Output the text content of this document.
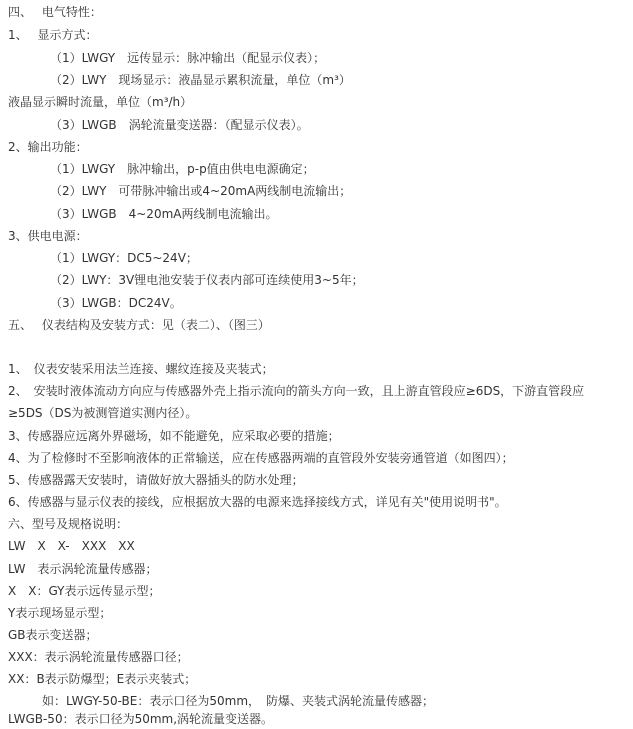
四、　 电气特性：
1、　 显示方式：
（1）LWGY　远传显示：脉冲输出（配显示仪表）；
（2）LWY　现场显示：液晶显示累积流量，单位（m³）
液晶显示瞬时流量，单位（m³/h）
（3）LWGB　涡轮流量变送器：（配显示仪表）。
2、输出功能：
（1）LWGY　脉冲输出，p-p值由供电电源确定；
（2）LWY　可带脉冲输出或4~20mA两线制电流输出；
（3）LWGB　4~20mA两线制电流输出。
3、供电电源：
（1）LWGY：DC5~24V；
（2）LWY：3V锂电池安装于仪表内部可连续使用3~5年；
（3）LWGB：DC24V。
五、　 仪表结构及安装方式：见（表二）、（图三）
1、　仪表安装采用法兰连接、螺纹连接及夹装式；
2、　安装时液体流动方向应与传感器外壳上指示流向的箭头方向一致，且上游直管段应≥6DS，下游直管段应
≥5DS（DS为被测管道实测内径）。
3、传感器应远离外界磁场，如不能避免，应采取必要的措施；
4、为了检修时不至影响液体的正常输送，应在传感器两端的直管段外安装旁通管道（如图四）；
5、传感器露天安装时，请做好放大器插头的防水处理；
6、传感器与显示仪表的接线，应根据放大器的电源来选择接线方式，详见有关"使用说明书"。
六、型号及规格说明：
LW　X　X-　XXX　XX
LW　表示涡轮流量传感器；
X　X：GY表示远传显示型；
Y表示现场显示型；
GB表示变送器；
XXX：表示涡轮流量传感器口径；
XX：B表示防爆型；E表示夹装式；
如：LWGY-50-BE：表示口径为50mm，　防爆、夹装式涡轮流量传感器；
LWGB-50：表示口径为50mm,涡轮流量变送器。
